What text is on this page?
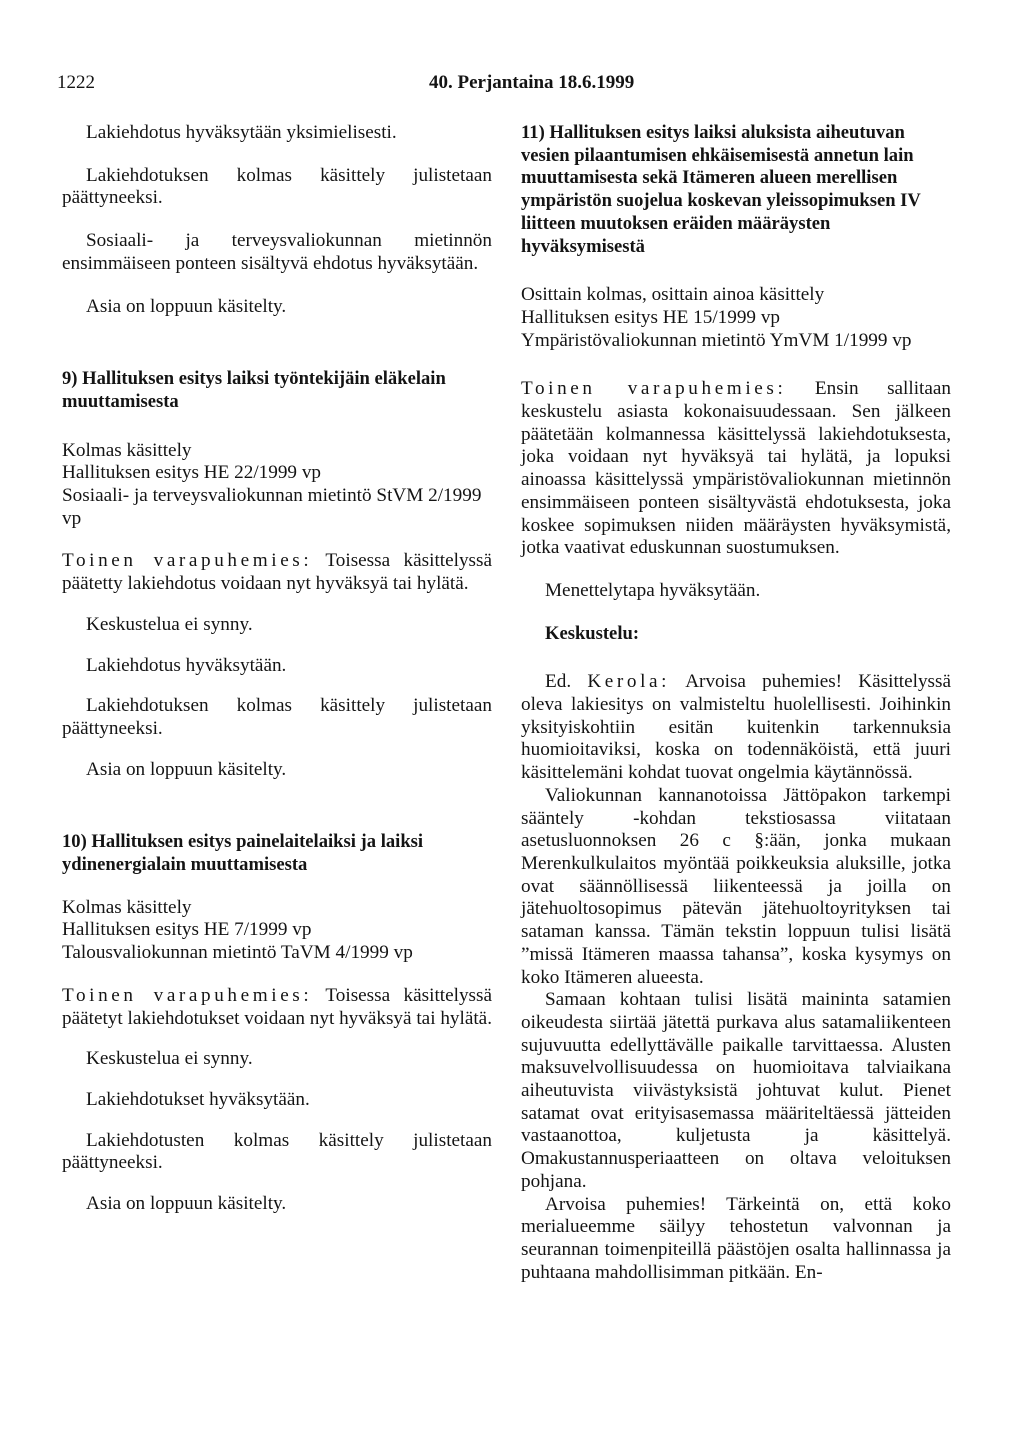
1222	40. Perjantaina 18.6.1999

Lakiehdotus hyväksytään yksimielisesti.

Lakiehdotuksen kolmas käsittely julistetaan päättyneeksi.

Sosiaali- ja terveysvaliokunnan mietinnön ensimmäiseen ponteen sisältyvä ehdotus hyväksytään.

Asia on loppuun käsitelty.

9) Hallituksen esitys laiksi työntekijäin eläkelain muuttamisesta

Kolmas käsittely
Hallituksen esitys HE 22/1999 vp
Sosiaali- ja terveysvaliokunnan mietintö StVM 2/1999 vp

Toinen varapuhemies: Toisessa käsittelyssä päätetty lakiehdotus voidaan nyt hyväksyä tai hylätä.

Keskustelua ei synny.

Lakiehdotus hyväksytään.

Lakiehdotuksen kolmas käsittely julistetaan päättyneeksi.

Asia on loppuun käsitelty.

10) Hallituksen esitys painelaitelaiksi ja laiksi ydinenergialain muuttamisesta

Kolmas käsittely
Hallituksen esitys HE 7/1999 vp
Talousvaliokunnan mietintö TaVM 4/1999 vp

Toinen varapuhemies: Toisessa käsittelyssä päätetyt lakiehdotukset voidaan nyt hyväksyä tai hylätä.

Keskustelua ei synny.

Lakiehdotukset hyväksytään.

Lakiehdotusten kolmas käsittely julistetaan päättyneeksi.

Asia on loppuun käsitelty.

11) Hallituksen esitys laiksi aluksista aiheutuvan vesien pilaantumisen ehkäisemisestä annetun lain muuttamisesta sekä Itämeren alueen merellisen ympäristön suojelua koskevan yleissopimuksen IV liitteen muutoksen eräiden määräysten hyväksymisestä

Osittain kolmas, osittain ainoa käsittely
Hallituksen esitys HE 15/1999 vp
Ympäristövaliokunnan mietintö YmVM 1/1999 vp

Toinen varapuhemies: Ensin sallitaan keskustelu asiasta kokonaisuudessaan. Sen jälkeen päätetään kolmannessa käsittelyssä lakiehdotuksesta, joka voidaan nyt hyväksyä tai hylätä, ja lopuksi ainoassa käsittelyssä ympäristövaliokunnan mietinnön ensimmäiseen ponteen sisältyvästä ehdotuksesta, joka koskee sopimuksen niiden määräysten hyväksymistä, jotka vaativat eduskunnan suostumuksen.

Menettelytapa hyväksytään.

Keskustelu:

Ed. Kerola: Arvoisa puhemies! Käsittelyssä oleva lakiesitys on valmisteltu huolellisesti. Joihinkin yksityiskohtiin esitän kuitenkin tarkennuksia huomioitaviksi, koska on todennäköistä, että juuri käsittelemäni kohdat tuovat ongelmia käytännössä.

Valiokunnan kannanotoissa Jättöpakon tarkempi sääntely -kohdan tekstiosassa viitataan asetusluonnoksen 26 c §:ään, jonka mukaan Merenkulkulaitos myöntää poikkeuksia aluksille, jotka ovat säännöllisessä liikenteessä ja joilla on jätehuoltosopimus pätevän jätehuoltoyrityksen tai sataman kanssa. Tämän tekstin loppuun tulisi lisätä ”missä Itämeren maassa tahansa”, koska kysymys on koko Itämeren alueesta.

Samaan kohtaan tulisi lisätä maininta satamien oikeudesta siirtää jätettä purkava alus satamaliikenteen sujuvuutta edellyttävälle paikalle tarvittaessa. Alusten maksuvelvollisuudessa on huomioitava talviaikana aiheutuvista viivästyksistä johtuvat kulut. Pienet satamat ovat erityisasemassa määriteltäessä jätteiden vastaanottoa, kuljetusta ja käsittelyä. Omakustannusperiaatteen on oltava veloituksen pohjana.

Arvoisa puhemies! Tärkeintä on, että koko merialueemme säilyy tehostetun valvonnan ja seurannan toimenpiteillä päästöjen osalta hallinnassa ja puhtaana mahdollisimman pitkään. En-
